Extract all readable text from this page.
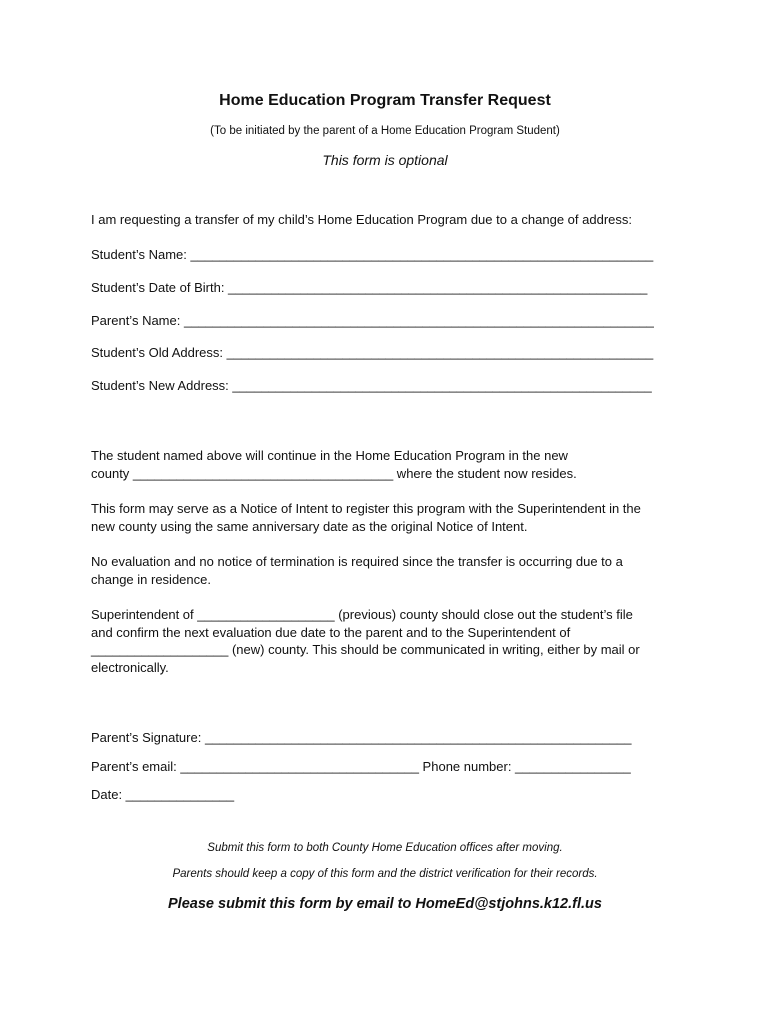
Home Education Program Transfer Request
(To be initiated by the parent of a Home Education Program Student)
This form is optional
I am requesting a transfer of my child’s Home Education Program due to a change of address:
Student’s Name: ________________________________________________________________
Student’s Date of Birth: __________________________________________________________
Parent’s Name: _________________________________________________________________
Student’s Old Address: ___________________________________________________________
Student’s New Address: __________________________________________________________
The student named above will continue in the Home Education Program in the new
county ____________________________________ where the student now resides.
This form may serve as a Notice of Intent to register this program with the Superintendent in the
new county using the same anniversary date as the original Notice of Intent.
No evaluation and no notice of termination is required since the transfer is occurring due to a
change in residence.
Superintendent of ___________________ (previous) county should close out the student’s file
and confirm the next evaluation due date to the parent and to the Superintendent of
___________________ (new) county. This should be communicated in writing, either by mail or
electronically.
Parent’s Signature: ___________________________________________________________
Parent’s email: _________________________________ Phone number: ________________
Date: _______________
Submit this form to both County Home Education offices after moving.
Parents should keep a copy of this form and the district verification for their records.
Please submit this form by email to HomeEd@stjohns.k12.fl.us
